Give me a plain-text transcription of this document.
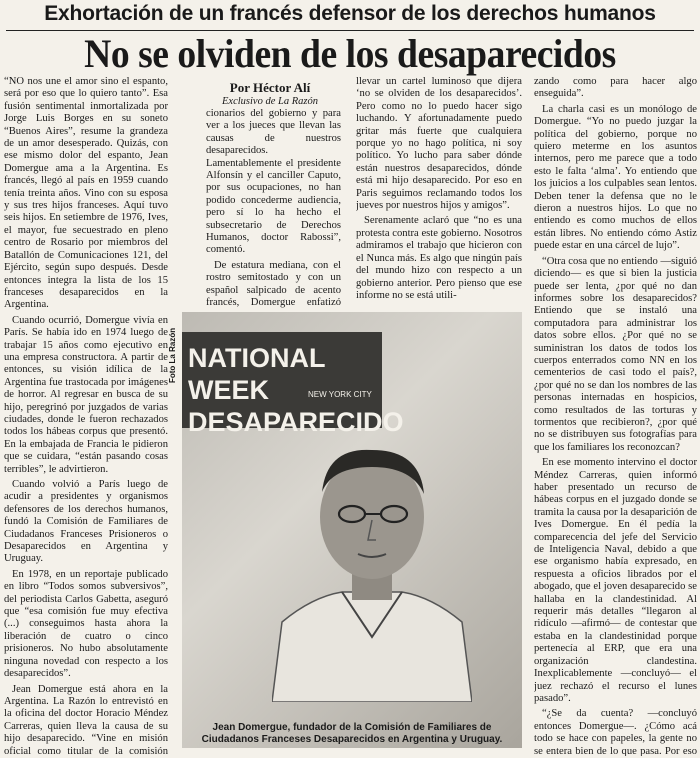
Exhortación de un francés defensor de los derechos humanos
No se olviden de los desaparecidos

“NO nos une el amor sino el espanto, será por eso que lo quiero tanto”. Esa fusión sentimental inmortalizada por Jorge Luis Borges en su soneto “Buenos Aires”, resume la grandeza de un amor desesperado. Quizás, con ese mismo dolor del espanto, Jean Domergue ama a la Argentina. Es francés, llegó al país en 1959 cuando tenía treinta años. Vino con su esposa y sus tres hijos franceses. Aquí tuvo seis hijos. En setiembre de 1976, Ives, el mayor, fue secuestrado en pleno centro de Rosario por miembros del Batallón de Comunicaciones 121, del Ejército, según supo después. Desde entonces integra la lista de los 15 franceses desaparecidos en la Argentina.

Cuando ocurrió, Domergue vivía en París. Se había ido en 1974 luego de trabajar 15 años como ejecutivo en una empresa constructora. A partir de entonces, su visión idílica de la Argentina fue trastocada por imágenes de horror. Al regresar en busca de su hijo, peregrinó por juzgados de varias ciudades, donde le fueron rechazados todos los hábeas corpus que presentó. En la embajada de Francia le pidieron que se cuidara, “están pasando cosas terribles”, le advirtieron.

Cuando volvió a París luego de acudir a presidentes y organismos defensores de los derechos humanos, fundó la Comisión de Familiares de Ciudadanos Franceses Prisioneros o Desaparecidos en Argentina y Uruguay.

En 1978, en un reportaje publicado en libro “Todos somos subversivos”, del periodista Carlos Gabetta, aseguró que “esa comisión fue muy efectiva (...) conseguimos hasta ahora la liberación de cuatro o cinco prisioneros. No hubo absolutamente ninguna novedad con respecto a los desaparecidos”.

Jean Domergue está ahora en la Argentina. La Razón lo entrevistó en la oficina del doctor Horacio Méndez Carreras, quien lleva la causa de su hijo desaparecido. “Vine en misión oficial como titular de la comisión

Por Héctor Alí
Exclusivo de La Razón

cionarios del gobierno y para ver a los jueces que llevan las causas de nuestros desaparecidos. Lamentablemente el presidente Alfonsín y el canciller Caputo, por sus ocupaciones, no han podido concederme audiencia, pero sí lo ha hecho el subsecretario de Derechos Humanos, doctor Rabossi”, comentó.

De estatura mediana, con el rostro semitostado y con un español salpicado de acento francés, Domergue enfatizó

llevar un cartel luminoso que dijera ‘no se olviden de los desaparecidos’. Pero como no lo puedo hacer sigo luchando. Y afortunadamente puedo gritar más fuerte que cualquiera porque yo no hago política, ni soy político. Yo lucho para saber dónde están nuestros desaparecidos, dónde está mi hijo desaparecido. Por eso en Paris seguimos reclamando todos los jueves por nuestros hijos y amigos”.

Serenamente aclaró que “no es una protesta contra este gobierno. Nosotros admiramos el trabajo que hicieron con el Nunca más. Es algo que ningún país del mundo hizo con respecto a un gobierno anterior. Pero pienso que ese informe no se está utili-

zando como para hacer algo enseguida”.

La charla casi es un monólogo de Domergue. “Yo no puedo juzgar la política del gobierno, porque no quiero meterme en los asuntos internos, pero me parece que a todo esto le falta ‘alma’. Yo entiendo que los juicios a los culpables sean lentos. Deben tener la defensa que no le dieron a nuestros hijos. Lo que no entiendo es como muchos de ellos están libres. No entiendo cómo Astiz puede estar en una cárcel de lujo”.

“Otra cosa que no entiendo —siguió diciendo— es que si bien la justicia puede ser lenta, ¿por qué no dan informes sobre los desaparecidos? Entiendo que se instaló una computadora para administrar los datos sobre ellos. ¿Por qué no se suministran los datos de todos los cuerpos enterrados como NN en los cementerios de casi todo el país?, ¿por qué no se dan los nombres de las personas internadas en hospicios, como resultados de las torturas y tormentos que recibieron?, ¿por qué no se distribuyen sus fotografías para que los familiares los reconozcan?

En ese momento intervino el doctor Méndez Carreras, quien informó haber presentado un recurso de hábeas corpus en el juzgado donde se tramita la causa por la desaparición de Ives Domergue. En él pedía la comparecencia del jefe del Servicio de Inteligencia Naval, debido a que ese organismo había expresado, en respuesta a oficios librados por el abogado, que el joven desaparecido se hallaba en la clandestinidad. Al requerir más detalles “llegaron al ridículo —afirmó— de contestar que estaba en la clandestinidad porque pertenecía al ERP, que era una organización clandestina. Inexplicablemente —concluyó— el juez rechazó el recurso el lunes pasado”.

“¿Se da cuenta? —concluyó entonces Domergue—. ¿Cómo acá todo se hace con papeles, la gente no se entera bien de lo que pasa. Por eso

Foto La Razón NATIONAL WEEK
DESAPARECIDO
NEW YORK CITY
Jean Domergue, fundador de la Comisión de Familiares de Ciudadanos Franceses Desaparecidos en Argentina y Uruguay.
